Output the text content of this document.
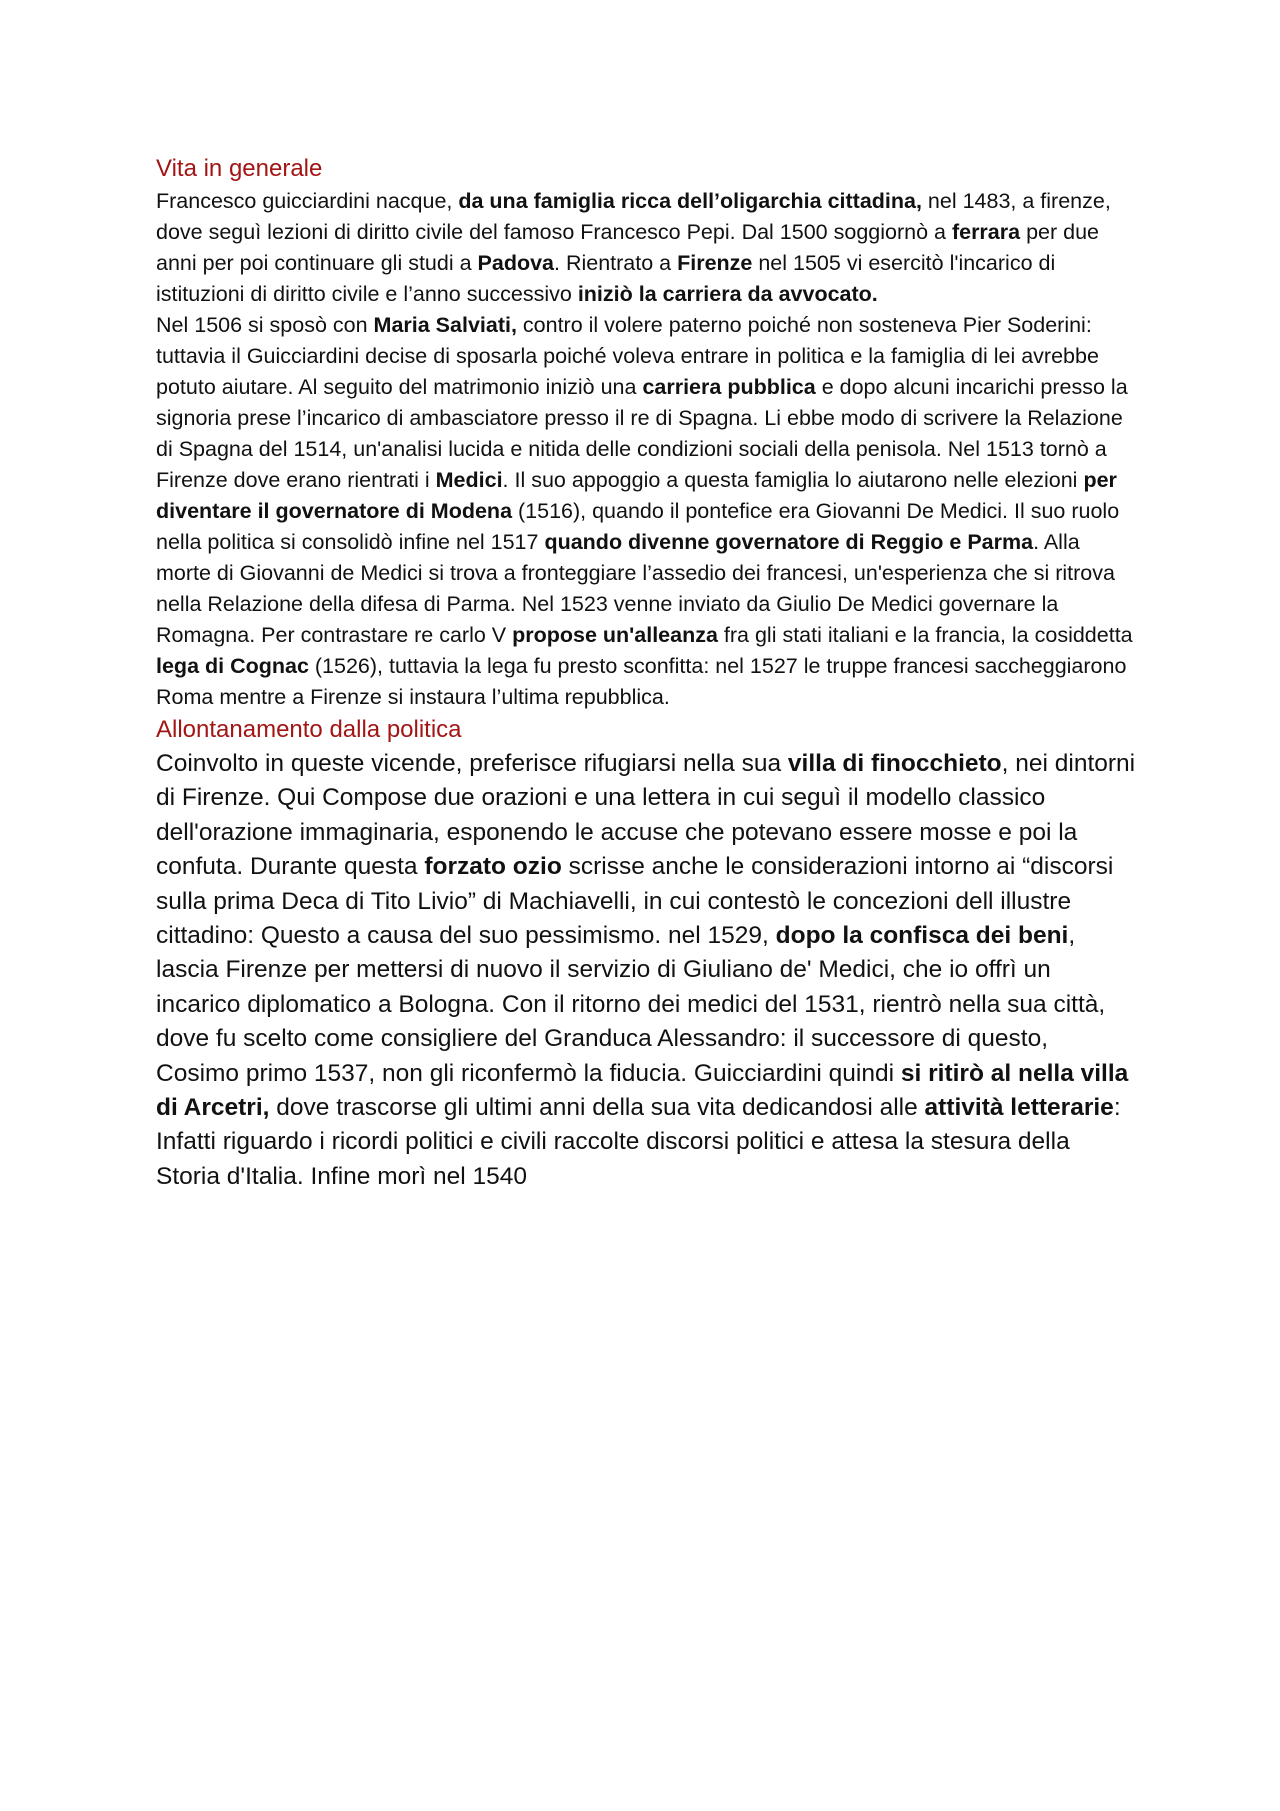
Vita in generale

Francesco guicciardini nacque, da una famiglia ricca dell’oligarchia cittadina, nel 1483, a firenze, dove seguì lezioni di diritto civile del famoso Francesco Pepi. Dal 1500 soggiornò a ferrara per due anni per poi continuare gli studi a Padova. Rientrato a Firenze nel 1505 vi esercitò l'incarico di istituzioni di diritto civile e l’anno successivo iniziò la carriera da avvocato.

Nel 1506 si sposò con Maria Salviati, contro il volere paterno poiché non sosteneva Pier Soderini: tuttavia il Guicciardini decise di sposarla poiché voleva entrare in politica e la famiglia di lei avrebbe potuto aiutare. Al seguito del matrimonio iniziò una carriera pubblica e dopo alcuni incarichi presso la signoria prese l’incarico di ambasciatore presso il re di Spagna. Li ebbe modo di scrivere la Relazione di Spagna del 1514, un'analisi lucida e nitida delle condizioni sociali della penisola. Nel 1513 tornò a Firenze dove erano rientrati i Medici. Il suo appoggio a questa famiglia lo aiutarono nelle elezioni per diventare il governatore di Modena (1516), quando il pontefice era Giovanni De Medici. Il suo ruolo nella politica si consolidò infine nel 1517 quando divenne governatore di Reggio e Parma. Alla morte di Giovanni de Medici si trova a fronteggiare l’assedio dei francesi, un'esperienza che si ritrova nella Relazione della difesa di Parma. Nel 1523 venne inviato da Giulio De Medici governare la Romagna. Per contrastare re carlo V propose un'alleanza fra gli stati italiani e la francia, la cosiddetta lega di Cognac (1526), tuttavia la lega fu presto sconfitta: nel 1527 le truppe francesi saccheggiarono Roma mentre a Firenze si instaura l’ultima repubblica.

Allontanamento dalla politica

Coinvolto in queste vicende, preferisce rifugiarsi nella sua villa di finocchieto, nei dintorni di Firenze. Qui Compose due orazioni e una lettera in cui seguì il modello classico dell'orazione immaginaria, esponendo le accuse che potevano essere mosse e poi la confuta. Durante questa forzato ozio scrisse anche le considerazioni intorno ai “discorsi sulla prima Deca di Tito Livio” di Machiavelli, in cui contestò le concezioni dell illustre cittadino: Questo a causa del suo pessimismo. nel 1529, dopo la confisca dei beni, lascia Firenze per mettersi di nuovo il servizio di Giuliano de' Medici, che io offrì un incarico diplomatico a Bologna. Con il ritorno dei medici del 1531, rientrò nella sua città, dove fu scelto come consigliere del Granduca Alessandro: il successore di questo, Cosimo primo 1537, non gli riconfermò la fiducia. Guicciardini quindi si ritirò al nella villa di Arcetri, dove trascorse gli ultimi anni della sua vita dedicandosi alle attività letterarie: Infatti riguardo i ricordi politici e civili raccolte discorsi politici e attesa la stesura della Storia d'Italia. Infine morì nel 1540
